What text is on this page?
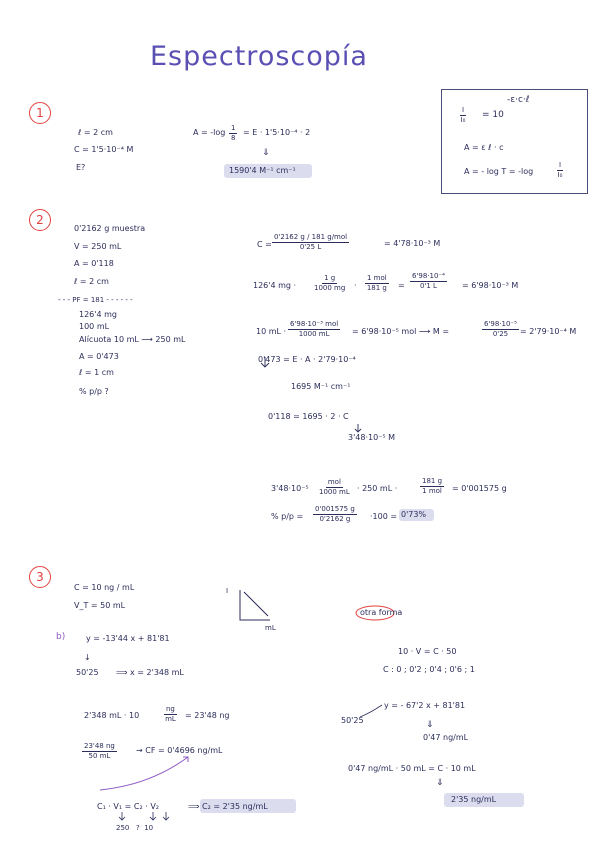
Espectroscopía
$\frac{I}{\text{I₀}} = 10$
-ε·c·ℓ
A = ε ℓ · c
A = - log T = -log	$\frac{I}{\text{I₀}}$
1
ℓ = 2 cm
C = 1'5·10⁻⁴ M
E?
$A = -\log \frac{1}{8} = E \cdot 1'5\cdot 10^{-4} \cdot 2$
⇓
1590'4 M⁻¹ cm⁻¹
2
0'2162 g muestra
V = 250 mL
A = 0'118
ℓ = 2 cm
- - - PF = 181 - - - - - -
126'4 mg
100 mL
Alícuota 10 mL ⟶ 250 mL
A = 0'473
ℓ = 1 cm
% p/p ?
C =
0'2162 g / 181 g/mol
0'25 L	= 4'78·10⁻³ M
126'4 mg ·	$\frac{1 g}{1000 mg}$ ·
1 mol
181 $g = \frac{\text{6'98·10⁻⁴}}{0'1 L} = 6'98\cdot 10^{-3}$ M
10 mL ·
6'98·10⁻³ mol
1000 mL	= 6'98·10⁻⁵ mol ⟶ M =	$\frac{\text{6'98·10⁻⁵}}{0'25} = 2'79\cdot 10^{-4}$ M
0'473 = E · A · 2'79·10⁻⁴
1695 M⁻¹ cm⁻¹
0'118 = 1695 · 2 · C
3'48·10⁻⁵ M
3'48·10⁻⁵
mol
1000 mL · 250 mL ·
181 g
1 mol = 0'001575 g
% $p/p = \frac{0'001575 g}{0'2162 g} \cdot 100 = 0'73\%$
3
C = 10 ng / mL
V_T = 50 mL
I
mL
otra forma
b)	y = -13'44 x + 81'81
↓
50'25 ⟹ x = 2'348 mL
2'348 mL · 10	$\frac{ng}{mL} = 23'48$ ng
$\frac{23'48 ng}{50 mL}$ → CF = 0'4696 ng/mL
C₁ · V₁ = C₂ · V₂	⟹ C₂ = 2'35 ng/mL
250   ?  10
10 · V = C · 50
C : 0 ; 0'2 ; 0'4 ; 0'6 ; 1
y = - 67'2 x + 81'81
50'25	⇓
0'47 ng/mL
0'47 ng/mL · 50 mL = C · 10 mL
⇓
2'35 ng/mL
